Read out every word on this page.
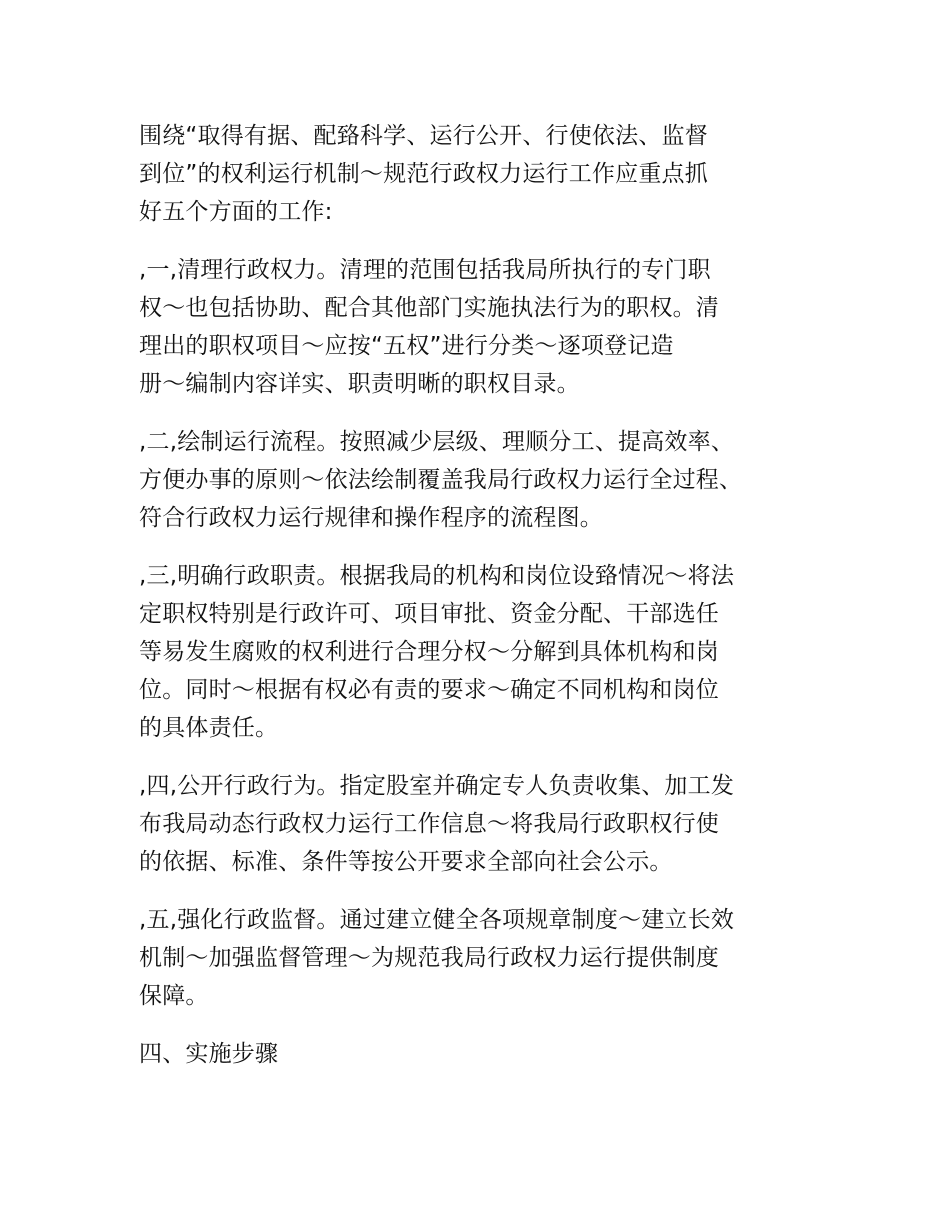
围绕“取得有据、配臵科学、运行公开、行使依法、监督
到位”的权利运行机制～规范行政权力运行工作应重点抓
好五个方面的工作:
,一,清理行政权力。清理的范围包括我局所执行的专门职
权～也包括协助、配合其他部门实施执法行为的职权。清
理出的职权项目～应按“五权”进行分类～逐项登记造
册～编制内容详实、职责明晰的职权目录。
,二,绘制运行流程。按照减少层级、理顺分工、提高效率、
方便办事的原则～依法绘制覆盖我局行政权力运行全过程、
符合行政权力运行规律和操作程序的流程图。
,三,明确行政职责。根据我局的机构和岗位设臵情况～将法
定职权特别是行政许可、项目审批、资金分配、干部选任
等易发生腐败的权利进行合理分权～分解到具体机构和岗
位。同时～根据有权必有责的要求～确定不同机构和岗位
的具体责任。
,四,公开行政行为。指定股室并确定专人负责收集、加工发
布我局动态行政权力运行工作信息～将我局行政职权行使
的依据、标准、条件等按公开要求全部向社会公示。
,五,强化行政监督。通过建立健全各项规章制度～建立长效
机制～加强监督管理～为规范我局行政权力运行提供制度
保障。
四、实施步骤
